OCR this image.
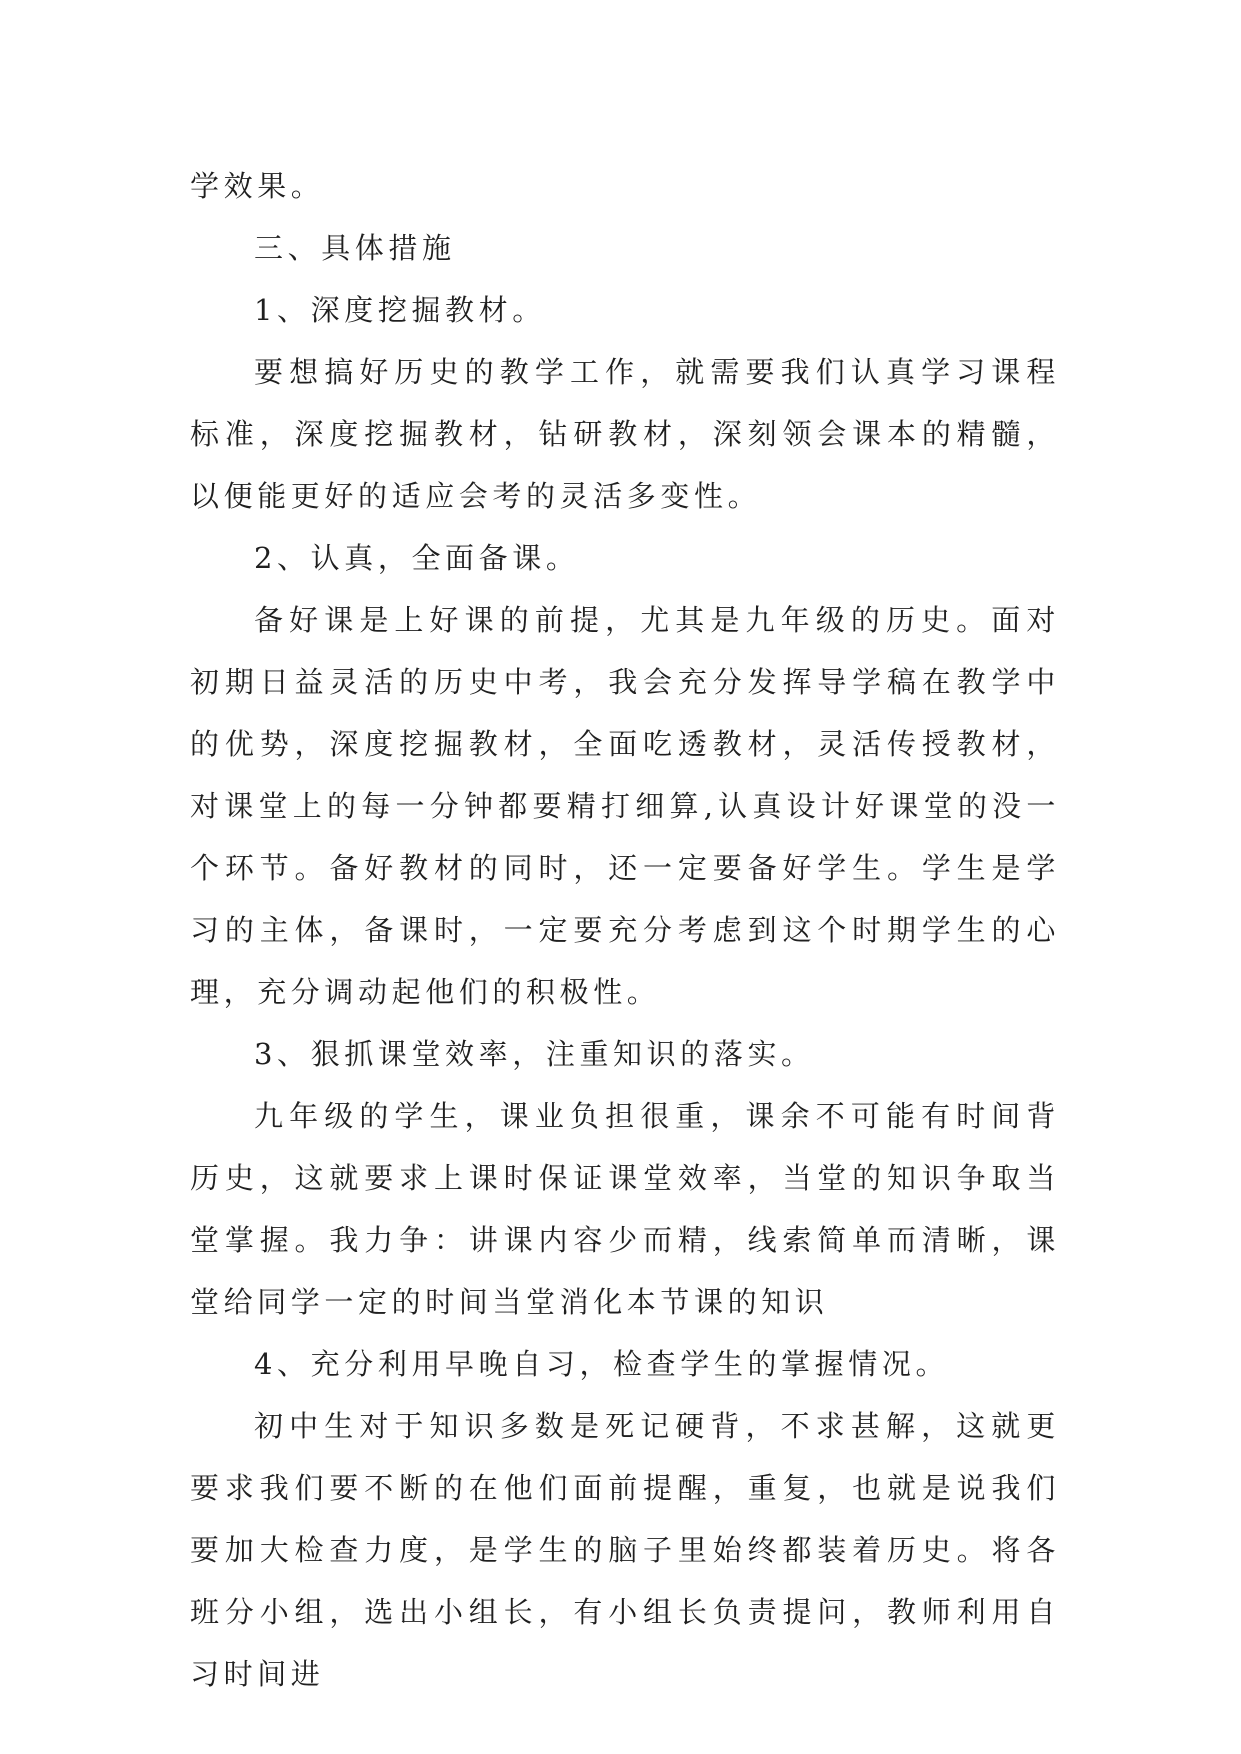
学效果。

三、具体措施

1、深度挖掘教材。

要想搞好历史的教学工作，就需要我们认真学习课程标准，深度挖掘教材，钻研教材，深刻领会课本的精髓，以便能更好的适应会考的灵活多变性。

2、认真，全面备课。

备好课是上好课的前提，尤其是九年级的历史。面对初期日益灵活的历史中考，我会充分发挥导学稿在教学中的优势，深度挖掘教材，全面吃透教材，灵活传授教材，对课堂上的每一分钟都要精打细算,认真设计好课堂的没一个环节。备好教材的同时，还一定要备好学生。学生是学习的主体，备课时，一定要充分考虑到这个时期学生的心理，充分调动起他们的积极性。

3、狠抓课堂效率，注重知识的落实。

九年级的学生，课业负担很重，课余不可能有时间背历史，这就要求上课时保证课堂效率，当堂的知识争取当堂掌握。我力争：讲课内容少而精，线索简单而清晰，课堂给同学一定的时间当堂消化本节课的知识

4、充分利用早晚自习，检查学生的掌握情况。

初中生对于知识多数是死记硬背，不求甚解，这就更要求我们要不断的在他们面前提醒，重复，也就是说我们要加大检查力度，是学生的脑子里始终都装着历史。将各班分小组，选出小组长，有小组长负责提问，教师利用自习时间进
